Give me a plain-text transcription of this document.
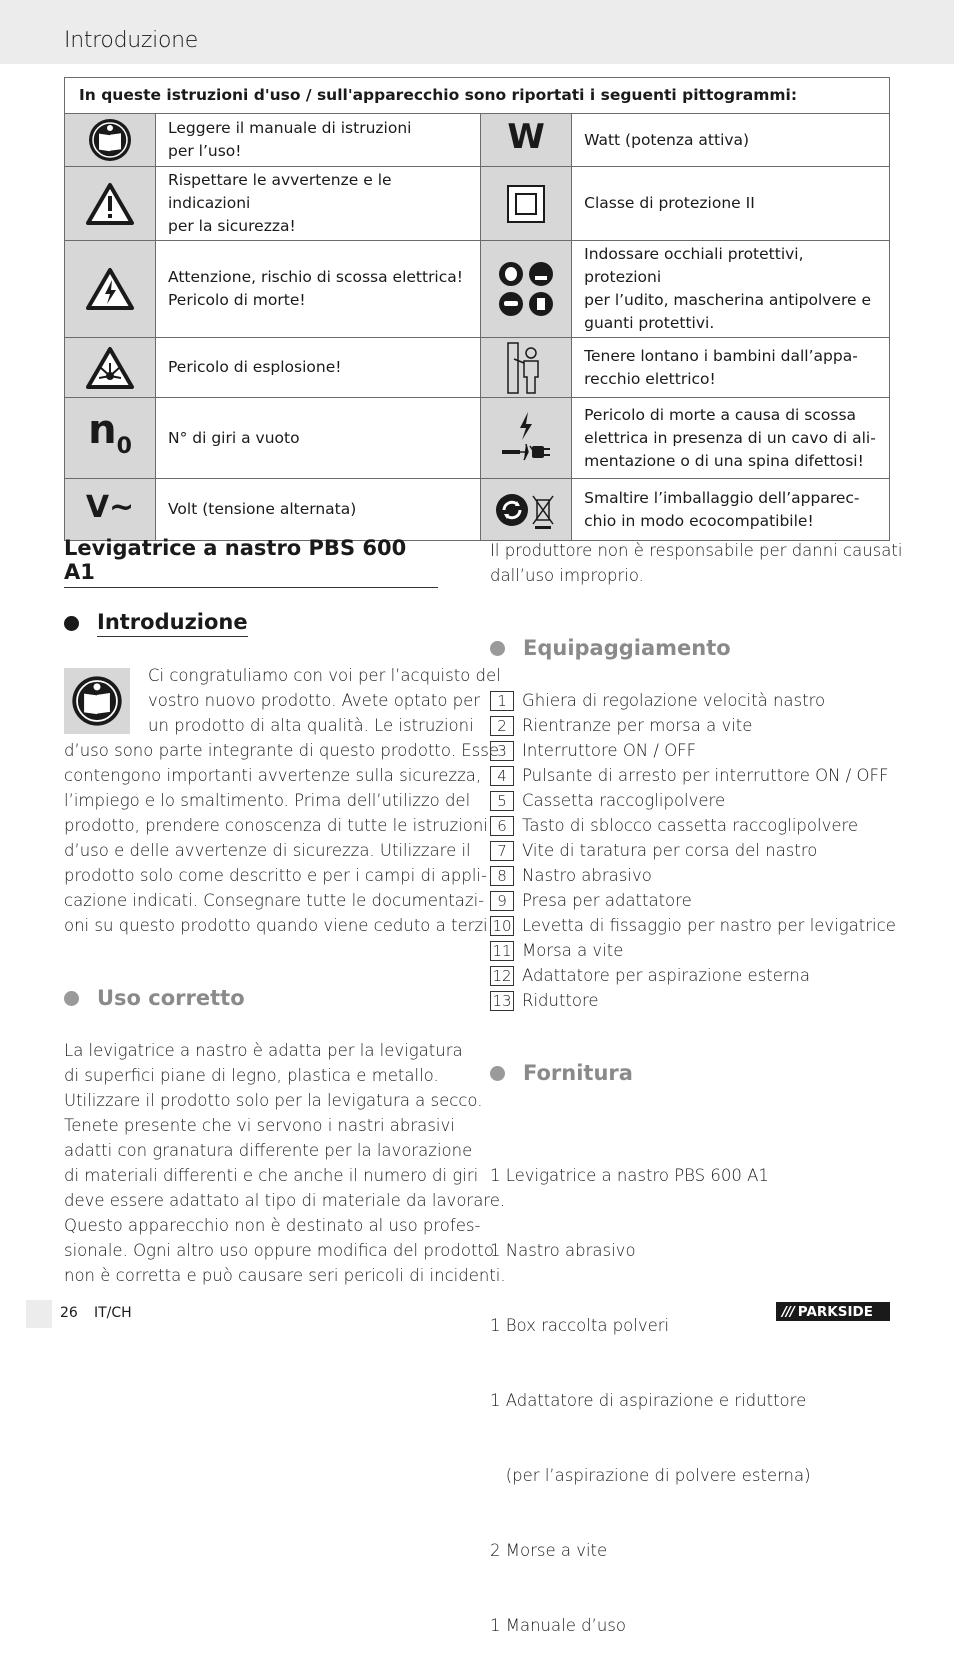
Introduzione
In queste istruzioni d'uso / sull'apparecchio sono riportati i seguenti pittogrammi:			

Leggere il manuale di istruzioni
per l’uso!	W	Watt (potenza attiva)

Rispettare le avvertenze e le indicazioni
per la sicurezza!		Classe di protezione II

Attenzione, rischio di scossa elettrica!
Pericolo di morte!		Indossare occhiali protettivi, protezioni
per l’udito, mascherina antipolvere e
guanti protettivi.

Pericolo di esplosione!		Tenere lontano i bambini dall’appa-
recchio elettrico!

n0	N° di giri a vuoto		Pericolo di morte a causa di scossa
elettrica in presenza di un cavo di ali-
mentazione o di una spina difettosi!

V~	Volt (tensione alternata)		Smaltire l’imballaggio dell’apparec-
chio in modo ecocompatibile!
Levigatrice a nastro PBS 600 A1
Introduzione
Ci congratuliamo con voi per l’acquisto del
vostro nuovo prodotto. Avete optato per
un prodotto di alta qualità. Le istruzioni
d’uso sono parte integrante di questo prodotto. Esse
contengono importanti avvertenze sulla sicurezza,
l’impiego e lo smaltimento. Prima dell’utilizzo del
prodotto, prendere conoscenza di tutte le istruzioni
d’uso e delle avvertenze di sicurezza. Utilizzare il
prodotto solo come descritto e per i campi di appli-
cazione indicati. Consegnare tutte le documentazi-
oni su questo prodotto quando viene ceduto a terzi.
Uso corretto
La levigatrice a nastro è adatta per la levigatura
di superfici piane di legno, plastica e metallo.
Utilizzare il prodotto solo per la levigatura a secco.
Tenete presente che vi servono i nastri abrasivi
adatti con granatura differente per la lavorazione
di materiali differenti e che anche il numero di giri
deve essere adattato al tipo di materiale da lavorare.
Questo apparecchio non è destinato al uso profes-
sionale. Ogni altro uso oppure modifica del prodotto
non è corretta e può causare seri pericoli di incidenti.
Il produttore non è responsabile per danni causati
dall’uso improprio.
Equipaggiamento
1 Ghiera di regolazione velocità nastro
2 Rientranze per morsa a vite
3 Interruttore ON / OFF
4 Pulsante di arresto per interruttore ON / OFF
5 Cassetta raccoglipolvere
6 Tasto di sblocco cassetta raccoglipolvere
7 Vite di taratura per corsa del nastro
8 Nastro abrasivo
9 Presa per adattatore
10 Levetta di fissaggio per nastro per levigatrice
11 Morsa a vite
12 Adattatore per aspirazione esterna
13 Riduttore
Fornitura

1 Levigatrice a nastro PBS 600 A1

1 Nastro abrasivo

1 Box raccolta polveri

1 Adattatore di aspirazione e riduttore

(per l’aspirazione di polvere esterna)

2 Morse a vite

1 Manuale d’uso

26 IT/CH	/// PARKSIDE
